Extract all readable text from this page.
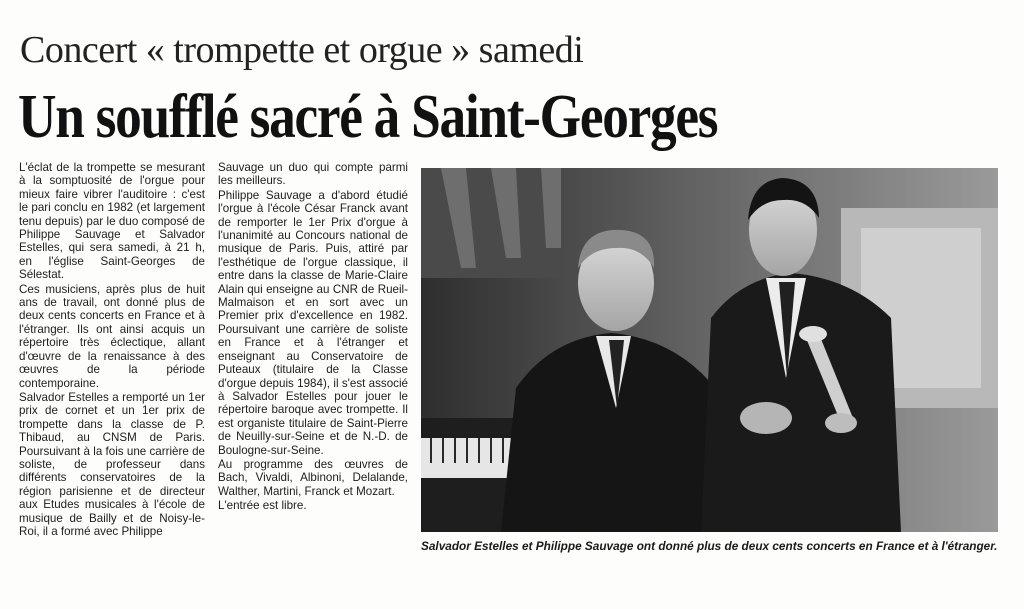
Concert « trompette et orgue » samedi
Un soufflé sacré à Saint-Georges

L'éclat de la trompette se mesurant à la somptuosité de l'orgue pour mieux faire vibrer l'auditoire : c'est le pari conclu en 1982 (et largement tenu depuis) par le duo composé de Philippe Sauvage et Salvador Estelles, qui sera samedi, à 21 h, en l'église Saint-Georges de Sélestat.

Ces musiciens, après plus de huit ans de travail, ont donné plus de deux cents concerts en France et à l'étranger. Ils ont ainsi acquis un répertoire très éclectique, allant d'œuvre de la renaissance à des œuvres de la période contemporaine.

Salvador Estelles a remporté un 1er prix de cornet et un 1er prix de trompette dans la classe de P. Thibaud, au CNSM de Paris. Poursuivant à la fois une carrière de soliste, de professeur dans différents conservatoires de la région parisienne et de directeur aux Etudes musicales à l'école de musique de Bailly et de Noisy-le-Roi, il a formé avec Philippe

Sauvage un duo qui compte parmi les meilleurs.

Philippe Sauvage a d'abord étudié l'orgue à l'école César Franck avant de remporter le 1er Prix d'orgue à l'unanimité au Concours national de musique de Paris. Puis, attiré par l'esthétique de l'orgue classique, il entre dans la classe de Marie-Claire Alain qui enseigne au CNR de Rueil-Malmaison et en sort avec un Premier prix d'excellence en 1982. Poursuivant une carrière de soliste en France et à l'étranger et enseignant au Conservatoire de Puteaux (titulaire de la Classe d'orgue depuis 1984), il s'est associé à Salvador Estelles pour jouer le répertoire baroque avec trompette. Il est organiste titulaire de Saint-Pierre de Neuilly-sur-Seine et de N.-D. de Boulogne-sur-Seine.

Au programme des œuvres de Bach, Vivaldi, Albinoni, Delalande, Walther, Martini, Franck et Mozart.

L'entrée est libre.

Salvador Estelles et Philippe Sauvage ont donné plus de deux cents concerts en France et à l'étranger.
